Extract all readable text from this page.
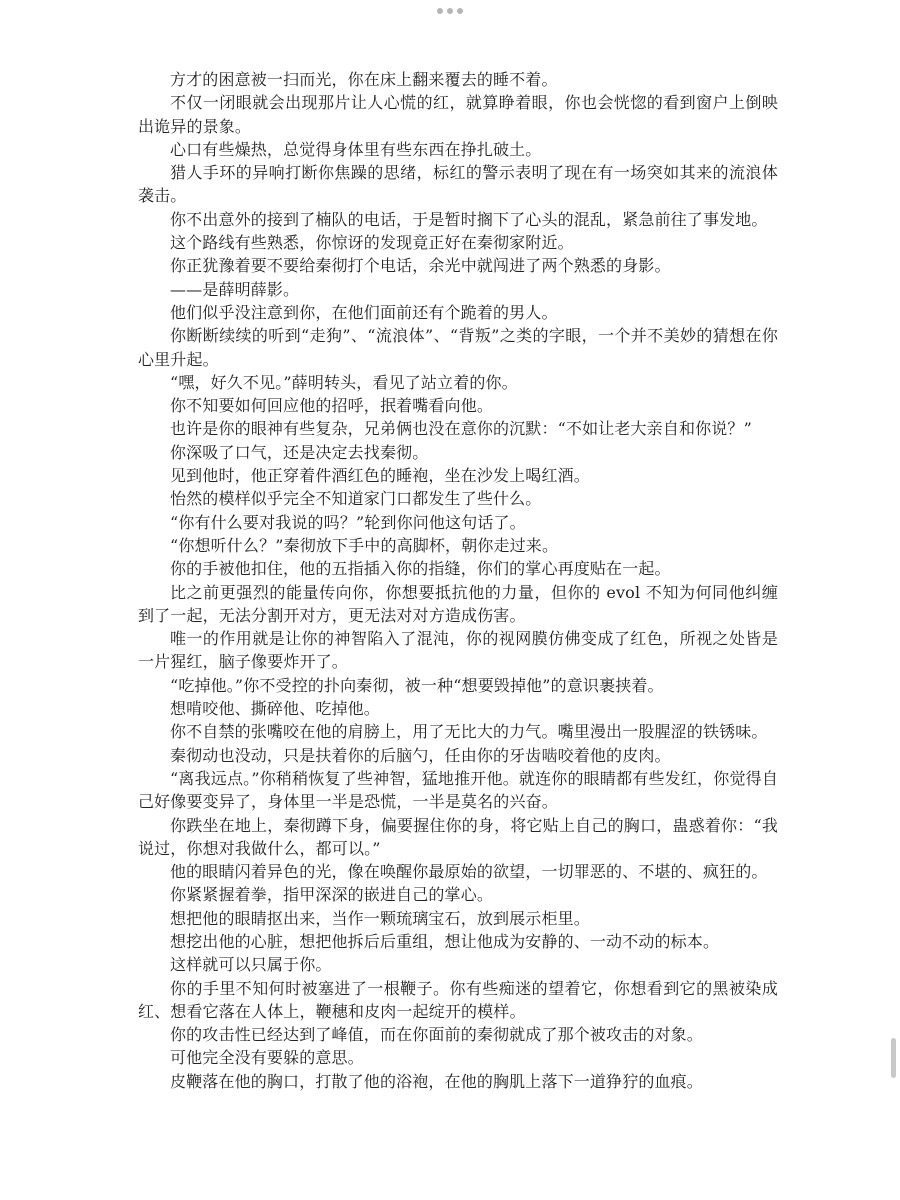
方才的困意被一扫而光，你在床上翻来覆去的睡不着。

不仅一闭眼就会出现那片让人心慌的红，就算睁着眼，你也会恍惚的看到窗户上倒映出诡异的景象。

心口有些燥热，总觉得身体里有些东西在挣扎破土。

猎人手环的异响打断你焦躁的思绪，标红的警示表明了现在有一场突如其来的流浪体袭击。

你不出意外的接到了楠队的电话，于是暂时搁下了心头的混乱，紧急前往了事发地。

这个路线有些熟悉，你惊讶的发现竟正好在秦彻家附近。

你正犹豫着要不要给秦彻打个电话，余光中就闯进了两个熟悉的身影。

——是薛明薛影。

他们似乎没注意到你，在他们面前还有个跪着的男人。

你断断续续的听到“走狗”、“流浪体”、“背叛”之类的字眼，一个并不美妙的猜想在你心里升起。

“嘿，好久不见。”薛明转头，看见了站立着的你。

你不知要如何回应他的招呼，抿着嘴看向他。

也许是你的眼神有些复杂，兄弟俩也没在意你的沉默：“不如让老大亲自和你说？”

你深吸了口气，还是决定去找秦彻。

见到他时，他正穿着件酒红色的睡袍，坐在沙发上喝红酒。

怡然的模样似乎完全不知道家门口都发生了些什么。

“你有什么要对我说的吗？”轮到你问他这句话了。

“你想听什么？”秦彻放下手中的高脚杯，朝你走过来。

你的手被他扣住，他的五指插入你的指缝，你们的掌心再度贴在一起。

比之前更强烈的能量传向你，你想要抵抗他的力量，但你的 evol 不知为何同他纠缠到了一起，无法分割开对方，更无法对对方造成伤害。

唯一的作用就是让你的神智陷入了混沌，你的视网膜仿佛变成了红色，所视之处皆是一片猩红，脑子像要炸开了。

“吃掉他。”你不受控的扑向秦彻，被一种“想要毁掉他”的意识裹挟着。

想啃咬他、撕碎他、吃掉他。

你不自禁的张嘴咬在他的肩膀上，用了无比大的力气。嘴里漫出一股腥涩的铁锈味。

秦彻动也没动，只是扶着你的后脑勺，任由你的牙齿啮咬着他的皮肉。

“离我远点。”你稍稍恢复了些神智，猛地推开他。就连你的眼睛都有些发红，你觉得自己好像要变异了，身体里一半是恐慌，一半是莫名的兴奋。

你跌坐在地上，秦彻蹲下身，偏要握住你的身，将它贴上自己的胸口，蛊惑着你：“我说过，你想对我做什么，都可以。”

他的眼睛闪着异色的光，像在唤醒你最原始的欲望，一切罪恶的、不堪的、疯狂的。

你紧紧握着拳，指甲深深的嵌进自己的掌心。

想把他的眼睛抠出来，当作一颗琉璃宝石，放到展示柜里。

想挖出他的心脏，想把他拆后后重组，想让他成为安静的、一动不动的标本。

这样就可以只属于你。

你的手里不知何时被塞进了一根鞭子。你有些痴迷的望着它，你想看到它的黑被染成红、想看它落在人体上，鞭穗和皮肉一起绽开的模样。

你的攻击性已经达到了峰值，而在你面前的秦彻就成了那个被攻击的对象。

可他完全没有要躲的意思。

皮鞭落在他的胸口，打散了他的浴袍，在他的胸肌上落下一道狰狞的血痕。
